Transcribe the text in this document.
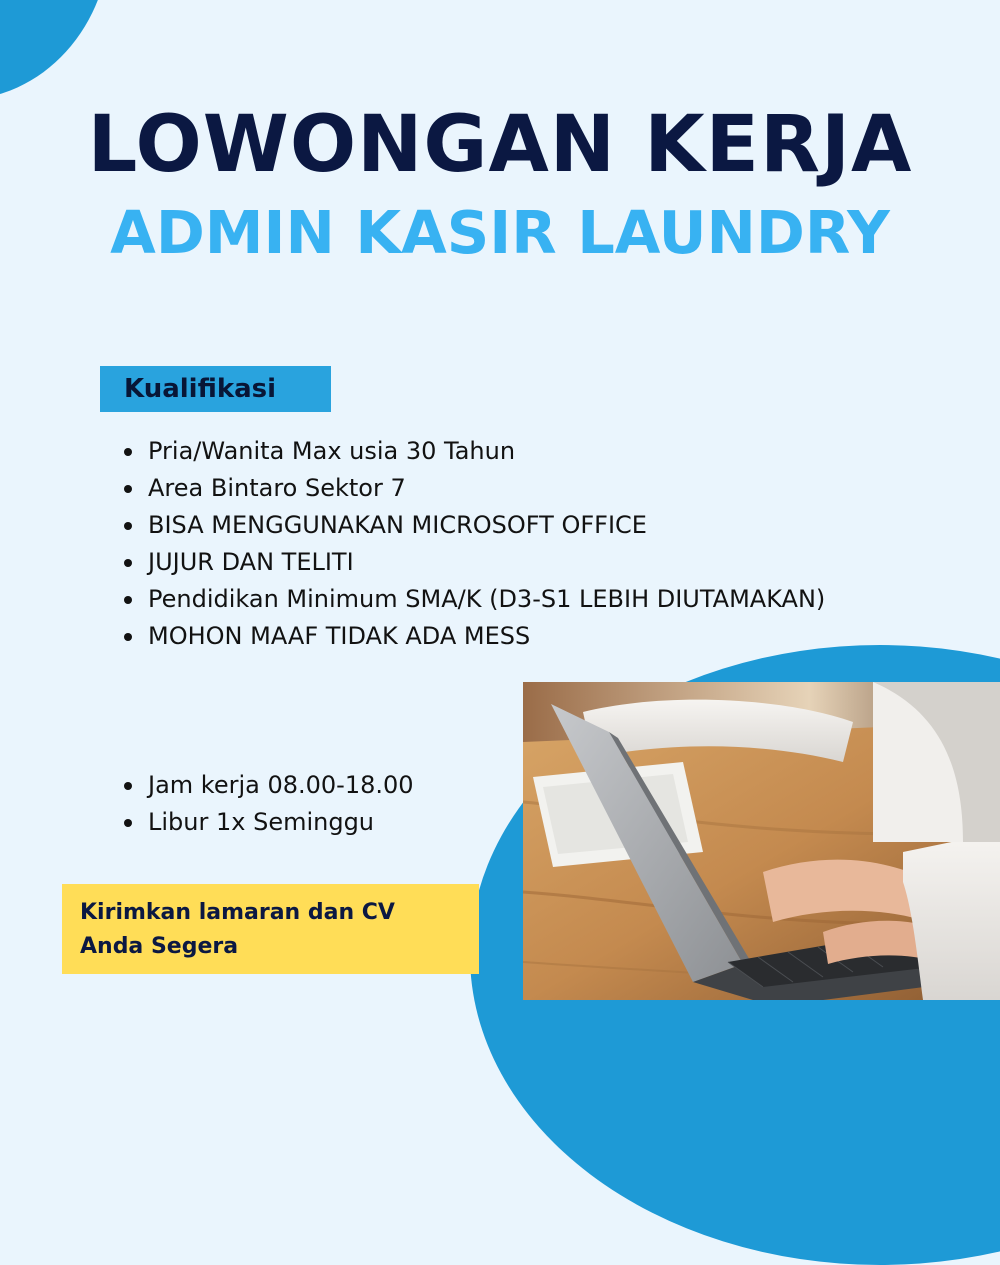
LOWONGAN KERJA
ADMIN KASIR LAUNDRY
Kualifikasi
Pria/Wanita Max usia 30 Tahun
Area Bintaro Sektor 7
BISA MENGGUNAKAN MICROSOFT OFFICE
JUJUR DAN TELITI
Pendidikan Minimum SMA/K (D3-S1 LEBIH DIUTAMAKAN)
MOHON MAAF TIDAK ADA MESS
Jam kerja 08.00-18.00
Libur 1x Seminggu
Kirimkan lamaran dan CV
Anda Segera
